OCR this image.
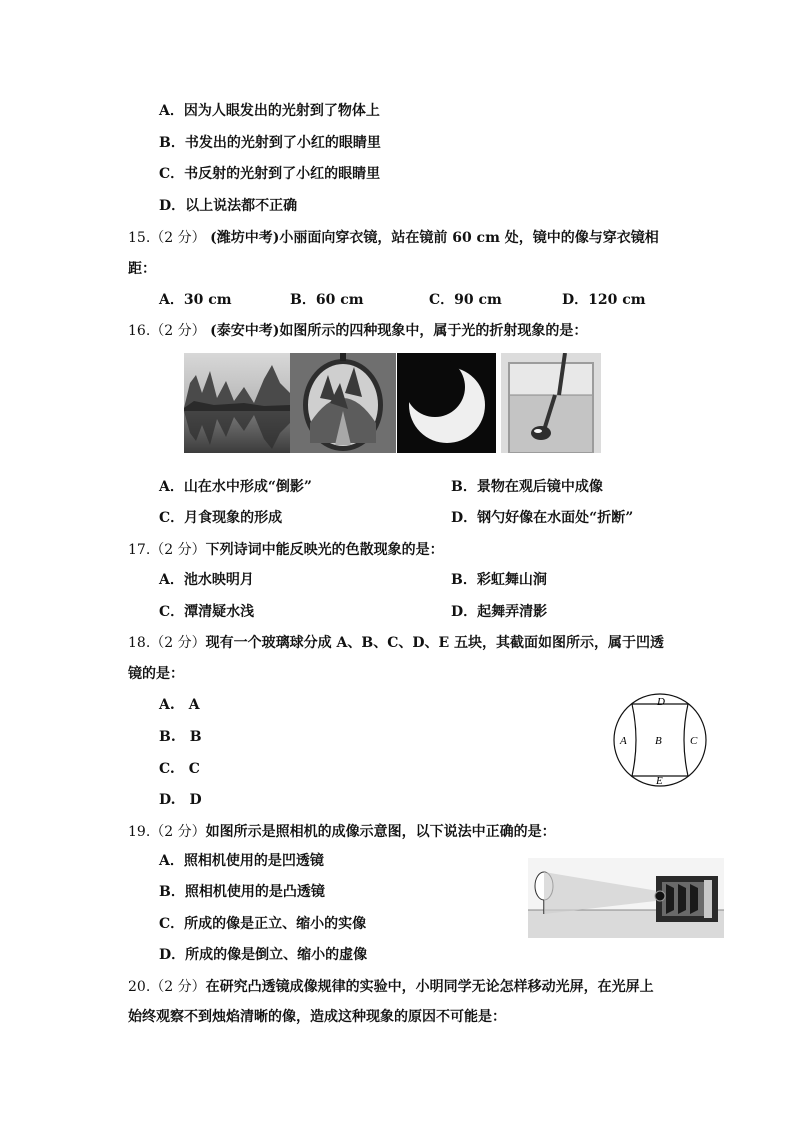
A．因为人眼发出的光射到了物体上
B．书发出的光射到了小红的眼睛里
C．书反射的光射到了小红的眼睛里
D．以上说法都不正确
15.（2 分） (潍坊中考)小丽面向穿衣镜，站在镜前 60 cm 处，镜中的像与穿衣镜相
距：
A．30 cm	B．60 cm	C．90 cm	D．120 cm
16.（2 分） (泰安中考)如图所示的四种现象中，属于光的折射现象的是：
A．山在水中形成“倒影”	B．景物在观后镜中成像
C．月食现象的形成	D．钢勺好像在水面处“折断”
17.（2 分）下列诗词中能反映光的色散现象的是：
A．池水映明月	B．彩虹舞山涧
C．潭清疑水浅	D．起舞弄清影
18.（2 分）现有一个玻璃球分成 A、B、C、D、E 五块，其截面如图所示，属于凹透
镜的是：
A.　A
B.　B
C.　C
D.　D
D
A	B	C
E
19.（2 分）如图所示是照相机的成像示意图，以下说法中正确的是：
A．照相机使用的是凹透镜
B．照相机使用的是凸透镜
C．所成的像是正立、缩小的实像
D．所成的像是倒立、缩小的虚像
20.（2 分）在研究凸透镜成像规律的实验中，小明同学无论怎样移动光屏，在光屏上
始终观察不到烛焰清晰的像，造成这种现象的原因不可能是：
